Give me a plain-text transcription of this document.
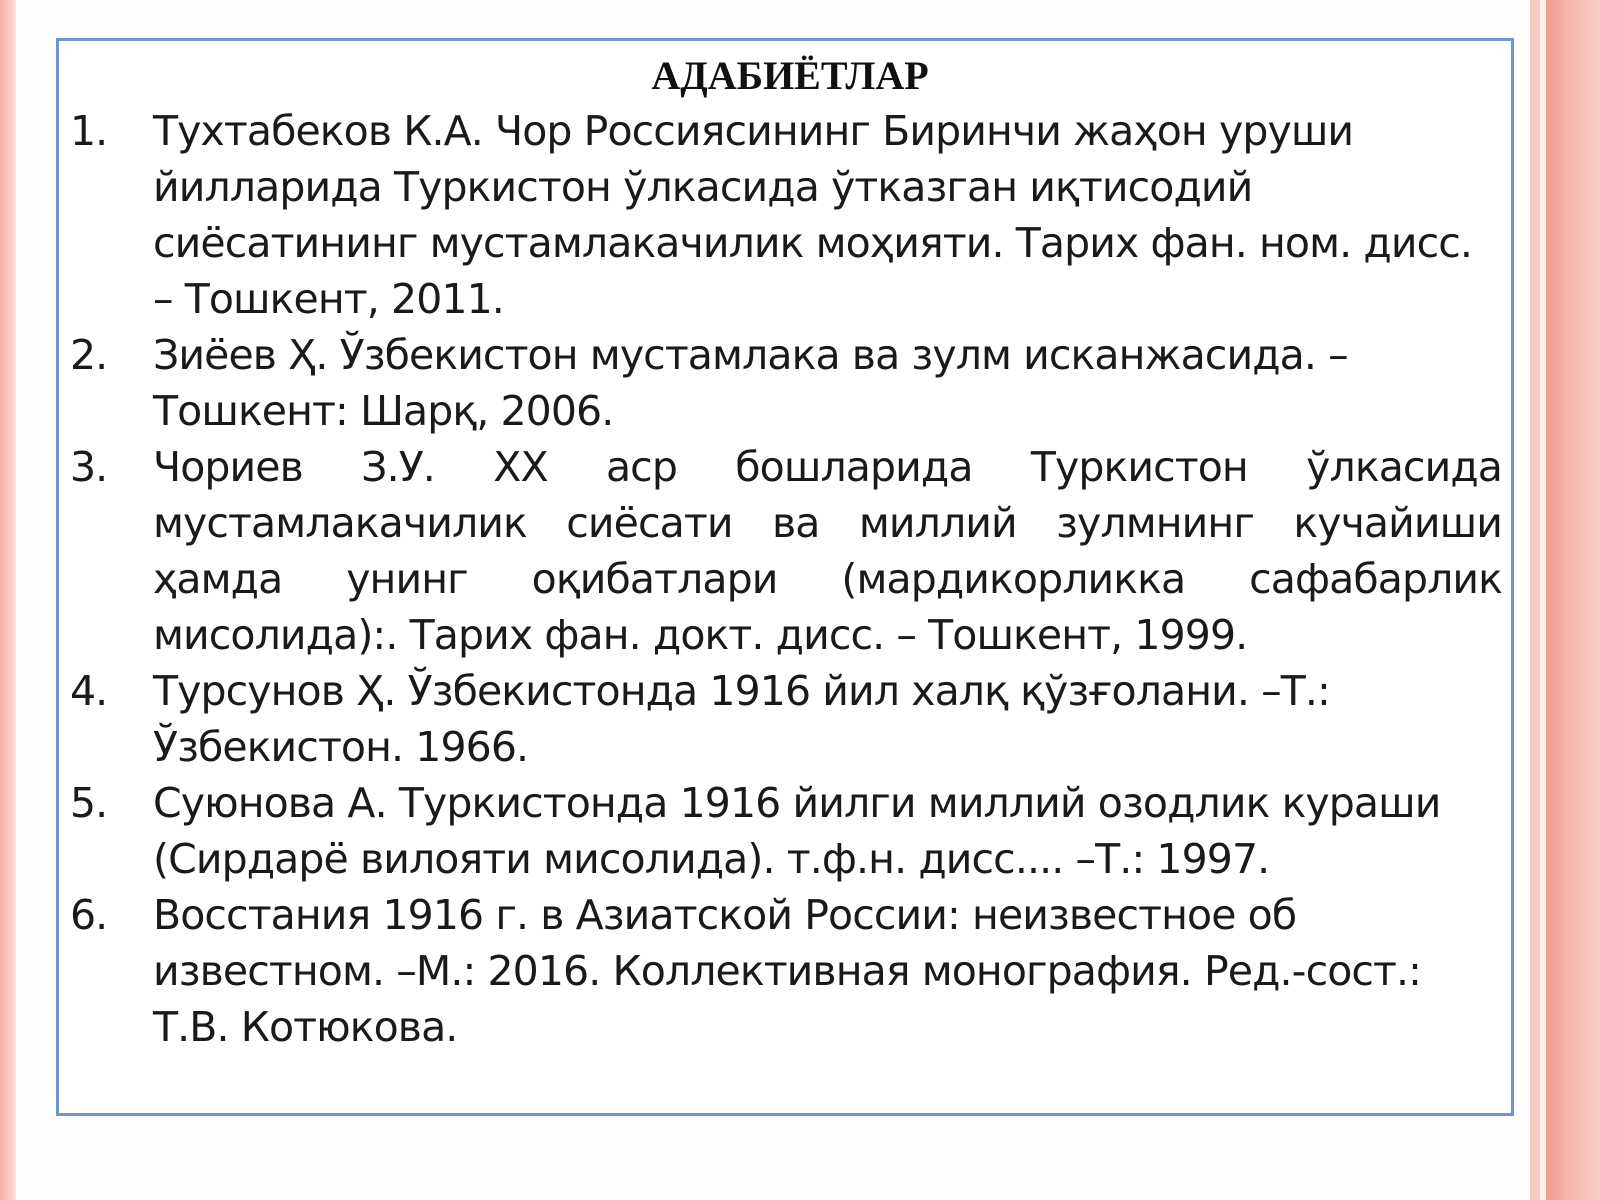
АДАБИЁТЛАР
1. Тухтабеков К.А. Чор Россиясининг Биринчи жаҳон уруши йилларида Туркистон ўлкасида ўтказган иқтисодий сиёсатининг мустамлакачилик моҳияти. Тарих фан. ном. дисс. – Тошкент, 2011.
2. Зиёев Ҳ. Ўзбекистон мустамлака ва зулм исканжасида. – Тошкент: Шарқ, 2006.
3. Чориев З.У. ХХ аср бошларида Туркистон ўлкасида мустамлакачилик сиёсати ва миллий зулмнинг кучайиши ҳамда унинг оқибатлари (мардикорликка сафабарлик мисолида):. Тарих фан. докт. дисс. – Тошкент, 1999.
4. Турсунов Ҳ. Ўзбекистонда 1916 йил халқ қўзғолани. –Т.: Ўзбекистон. 1966.
5. Суюнова А. Туркистонда 1916 йилги миллий озодлик кураши (Сирдарё вилояти мисолида). т.ф.н. дисс.... –Т.: 1997.
6. Восстания 1916 г. в Азиатской России: неизвестное об известном. –М.: 2016. Коллективная монография. Ред.-сост.: Т.В. Котюкова.
